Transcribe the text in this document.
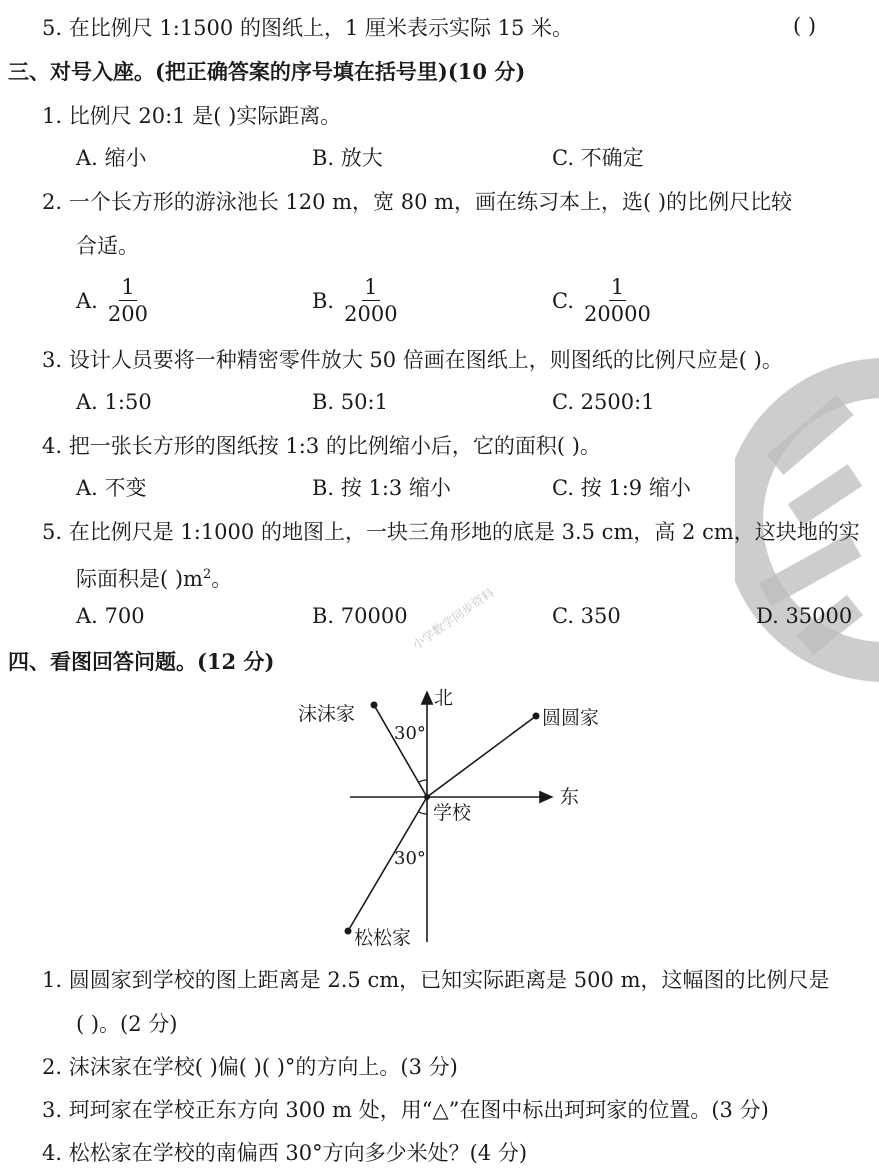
小学数学同步资料
5. 在比例尺 1:1500 的图纸上，1 厘米表示实际 15 米。	( )
三、对号入座。(把正确答案的序号填在括号里)(10 分)
1. 比例尺 20:1 是( )实际距离。
A. 缩小	B. 放大	C. 不确定
2. 一个长方形的游泳池长 120 m，宽 80 m，画在练习本上，选( )的比例尺比较
合适。
A. $\frac{1}{200}$	B. $\frac{1}{2000}$	C. $\frac{1}{20000}$
3. 设计人员要将一种精密零件放大 50 倍画在图纸上，则图纸的比例尺应是( )。
A. 1:50	B. 50:1	C. 2500:1
4. 把一张长方形的图纸按 1:3 的比例缩小后，它的面积( )。
A. 不变	B. 按 1:3 缩小	C. 按 1:9 缩小
5. 在比例尺是 1:1000 的地图上，一块三角形地的底是 3.5 cm，高 2 cm，这块地的实
际面积是( )$m^2$。
A. 700	B. 70000	C. 350	D. 35000
四、看图回答问题。(12 分)
北
东
学校
沫沫家	圆圆家
松松家
30°
30°
1. 圆圆家到学校的图上距离是 2.5 cm，已知实际距离是 500 m，这幅图的比例尺是
( )。(2 分)
2. 沫沫家在学校( )偏( )( )°的方向上。(3 分)
3. 珂珂家在学校正东方向 300 m 处，用“△”在图中标出珂珂家的位置。(3 分)
4. 松松家在学校的南偏西 30°方向多少米处？(4 分)
